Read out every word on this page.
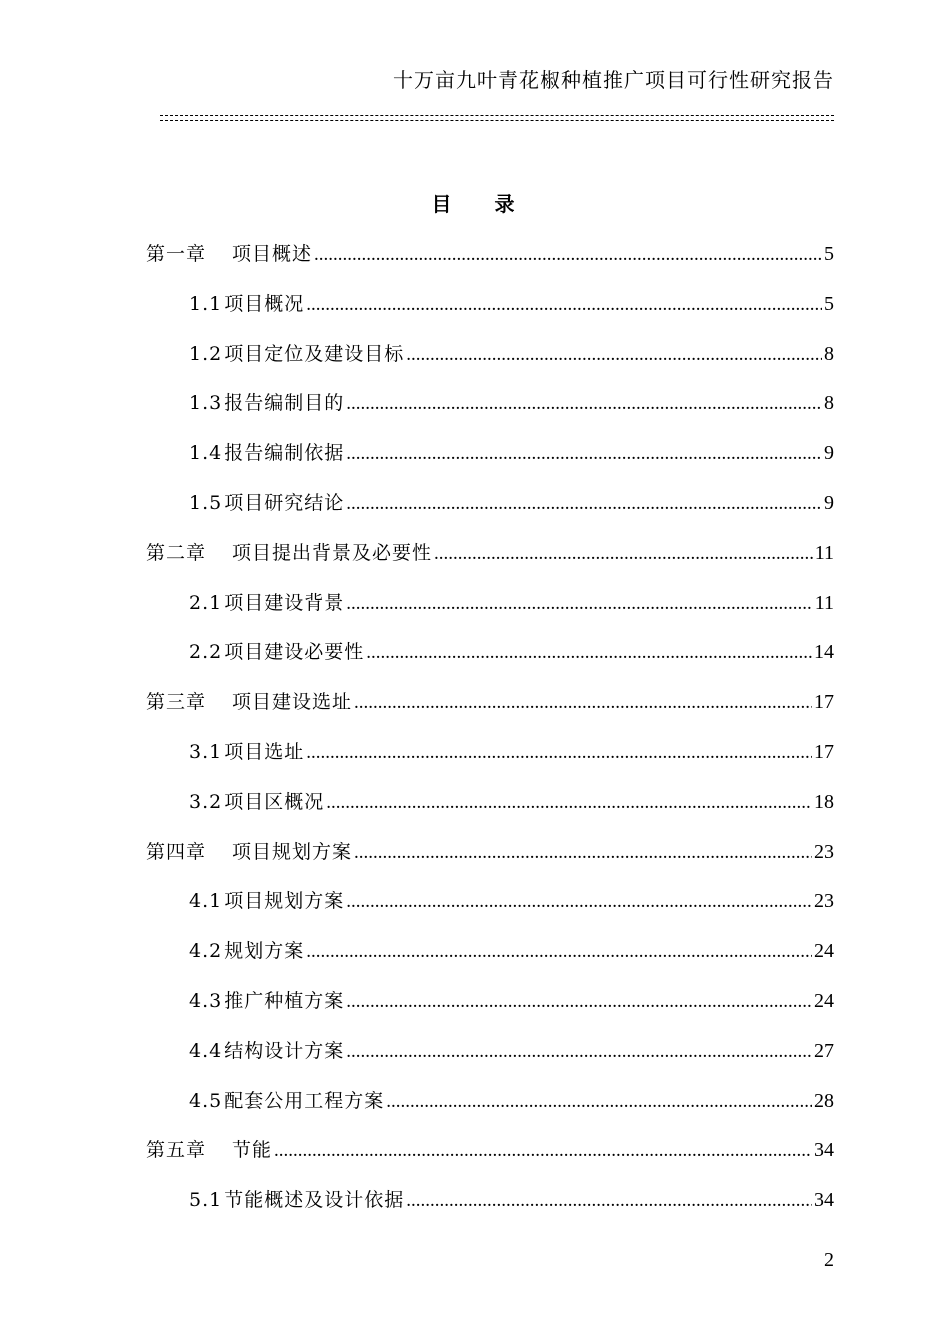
十万亩九叶青花椒种植推广项目可行性研究报告
目 录
第一章	项目概述 .....	5
1.1 项目概况 .....	5
1.2 项目定位及建设目标 .....	8
1.3 报告编制目的 .....	8
1.4 报告编制依据 .....	9
1.5 项目研究结论 .....	9
第二章	项目提出背景及必要性 .....	11
2.1 项目建设背景 .....	11
2.2 项目建设必要性 .....	14
第三章	项目建设选址 .....	17
3.1 项目选址 .....	17
3.2 项目区概况 .....	18
第四章	项目规划方案 .....	23
4.1 项目规划方案 .....	23
4.2 规划方案 .....	24
4.3 推广种植方案 .....	24
4.4 结构设计方案 .....	27
4.5 配套公用工程方案 .....	28
第五章	节能 .....	34
5.1 节能概述及设计依据 .....	34
2
